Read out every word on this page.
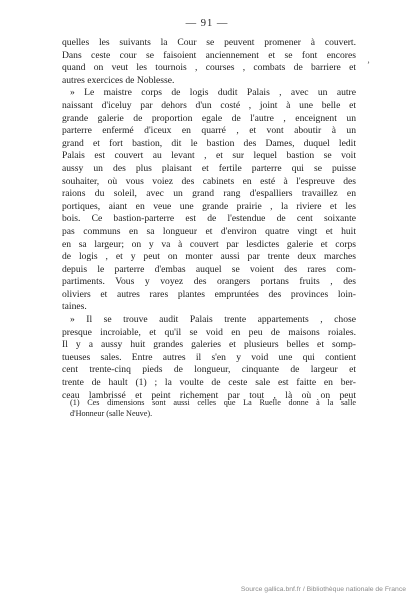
— 91 —
’
quelles les suivants la Cour se peuvent promener à couvert.
Dans ceste cour se faisoient anciennement et se font encores
quand on veut les tournois , courses , combats de barriere et
autres exercices de Noblesse.
» Le maistre corps de logis dudit Palais , avec un autre
naissant d'iceluy par dehors d'un costé , joint à une belle et
grande galerie de proportion egale de l'autre , enceignent un
parterre enfermé d'iceux en quarré , et vont aboutir à un
grand et fort bastion, dit le bastion des Dames, duquel ledit
Palais est couvert au levant , et sur lequel bastion se voit
aussy un des plus plaisant et fertile parterre qui se puisse
souhaiter, où vous voiez des cabinets en esté à l'espreuve des
raions du soleil, avec un grand rang d'espalliers travaillez en
portiques, aiant en veue une grande prairie , la riviere et les
bois. Ce bastion-parterre est de l'estendue de cent soixante
pas communs en sa longueur et d'environ quatre vingt et huit
en sa largeur; on y va à couvert par lesdictes galerie et corps
de logis , et y peut on monter aussi par trente deux marches
depuis le parterre d'embas auquel se voient des rares com-
partiments. Vous y voyez des orangers portans fruits , des
oliviers et autres rares plantes empruntées des provinces loin-
taines.
» Il se trouve audit Palais trente appartements , chose
presque incroiable, et qu'il se void en peu de maisons roiales.
Il y a aussy huit grandes galeries et plusieurs belles et somp-
tueuses sales. Entre autres il s'en y void une qui contient
cent trente-cinq pieds de longueur, cinquante de largeur et
trente de hault (1) ; la voulte de ceste sale est faitte en ber-
ceau lambrissé et peint richement par tout , là où on peut
(1) Ces dimensions sont aussi celles que La Ruelle donne à la salle
d'Honneur (salle Neuve).
Source gallica.bnf.fr / Bibliothèque nationale de France
